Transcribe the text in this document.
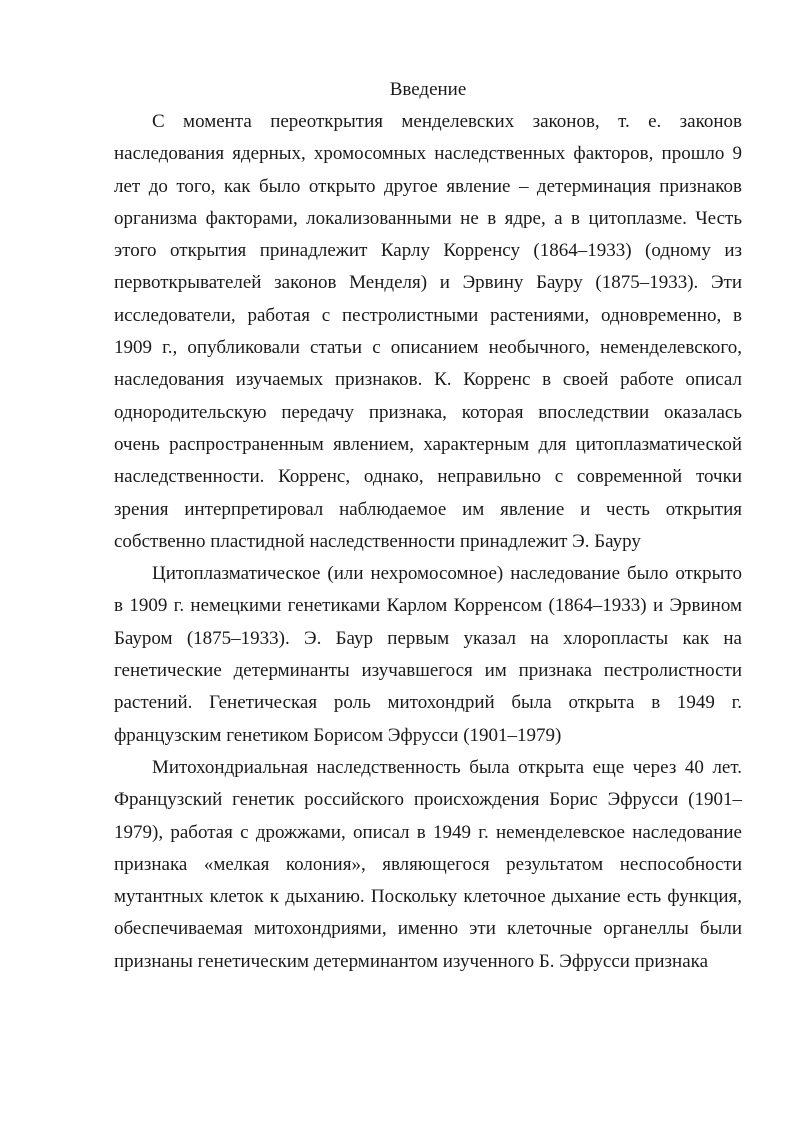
Введение

С момента переоткрытия менделевских законов, т. е. законов наследования ядерных, хромосомных наследственных факторов, прошло 9 лет до того, как было открыто другое явление – детерминация признаков организма факторами, локализованными не в ядре, а в цитоплазме. Честь этого открытия принадлежит Карлу Корренсу (1864–1933) (одному из первоткрывателей законов Менделя) и Эрвину Бауру (1875–1933). Эти исследователи, работая с пестролистными растениями, одновременно, в 1909 г., опубликовали статьи с описанием необычного, неменделевского, наследования изучаемых признаков. К. Корренс в своей работе описал однородительскую передачу признака, которая впоследствии оказалась очень распространенным явлением, характерным для цитоплазматической наследственности. Корренс, однако, неправильно с современной точки зрения интерпретировал наблюдаемое им явление и честь открытия собственно пластидной наследственности принадлежит Э. Бауру

Цитоплазматическое (или нехромосомное) наследование было открыто в 1909 г. немецкими генетиками Карлом Корренсом (1864–1933) и Эрвином Бауром (1875–1933). Э. Баур первым указал на хлоропласты как на генетические детерминанты изучавшегося им признака пестролистности растений. Генетическая роль митохондрий была открыта в 1949 г. французским генетиком Борисом Эфрусси (1901–1979)

Митохондриальная наследственность была открыта еще через 40 лет. Французский генетик российского происхождения Борис Эфрусси (1901–1979), работая с дрожжами, описал в 1949 г. неменделевское наследование признака «мелкая колония», являющегося результатом неспособности мутантных клеток к дыханию. Поскольку клеточное дыхание есть функция, обеспечиваемая митохондриями, именно эти клеточные органеллы были признаны генетическим детерминантом изученного Б. Эфрусси признака
